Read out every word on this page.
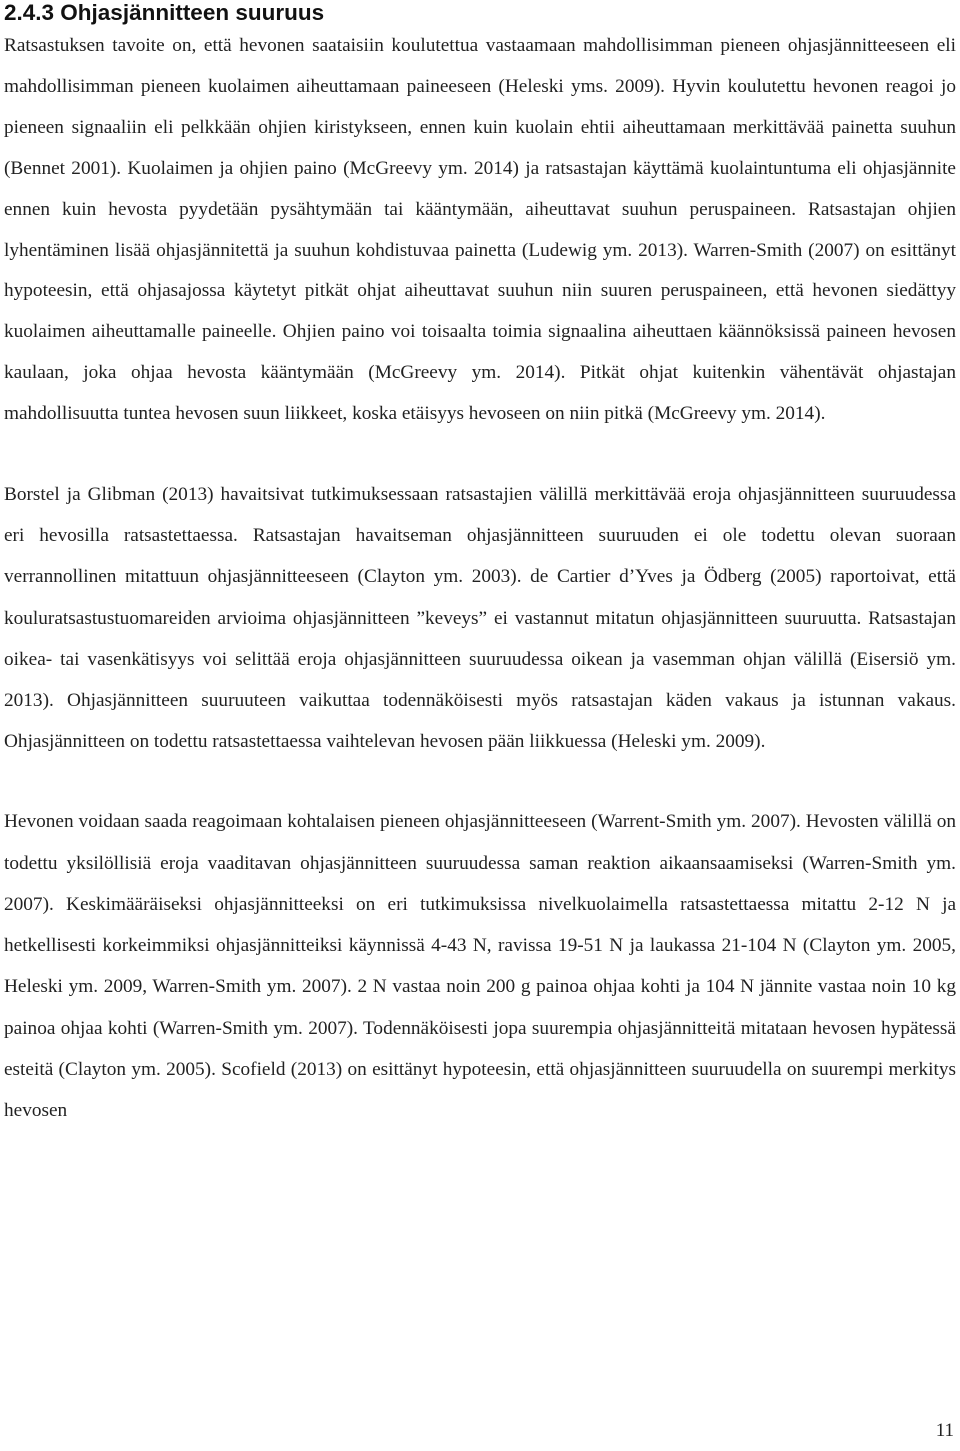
2.4.3 Ohjasjännitteen suuruus

Ratsastuksen tavoite on, että hevonen saataisiin koulutettua vastaamaan mahdollisimman pieneen ohjasjännitteeseen eli mahdollisimman pieneen kuolaimen aiheuttamaan paineeseen (Heleski yms. 2009). Hyvin koulutettu hevonen reagoi jo pieneen signaaliin eli pelkkään ohjien kiristykseen, ennen kuin kuolain ehtii aiheuttamaan merkittävää painetta suuhun (Bennet 2001). Kuolaimen ja ohjien paino (McGreevy ym. 2014) ja ratsastajan käyttämä kuolaintuntuma eli ohjasjännite ennen kuin hevosta pyydetään pysähtymään tai kääntymään, aiheuttavat suuhun peruspaineen. Ratsastajan ohjien lyhentäminen lisää ohjasjännitettä ja suuhun kohdistuvaa painetta (Ludewig ym. 2013). Warren-Smith (2007) on esittänyt hypoteesin, että ohjasajossa käytetyt pitkät ohjat aiheuttavat suuhun niin suuren peruspaineen, että hevonen siedättyy kuolaimen aiheuttamalle paineelle. Ohjien paino voi toisaalta toimia signaalina aiheuttaen käännöksissä paineen hevosen kaulaan, joka ohjaa hevosta kääntymään (McGreevy ym. 2014). Pitkät ohjat kuitenkin vähentävät ohjastajan mahdollisuutta tuntea hevosen suun liikkeet, koska etäisyys hevoseen on niin pitkä (McGreevy ym. 2014).

Borstel ja Glibman (2013) havaitsivat tutkimuksessaan ratsastajien välillä merkittävää eroja ohjasjännitteen suuruudessa eri hevosilla ratsastettaessa. Ratsastajan havaitseman ohjasjännitteen suuruuden ei ole todettu olevan suoraan verrannollinen mitattuun ohjasjännitteeseen (Clayton ym. 2003). de Cartier d’Yves ja Ödberg (2005) raportoivat, että kouluratsastustuomareiden arvioima ohjasjännitteen ”keveys” ei vastannut mitatun ohjasjännitteen suuruutta. Ratsastajan oikea- tai vasenkätisyys voi selittää eroja ohjasjännitteen suuruudessa oikean ja vasemman ohjan välillä (Eisersiö ym. 2013). Ohjasjännitteen suuruuteen vaikuttaa todennäköisesti myös ratsastajan käden vakaus ja istunnan vakaus. Ohjasjännitteen on todettu ratsastettaessa vaihtelevan hevosen pään liikkuessa (Heleski ym. 2009).

Hevonen voidaan saada reagoimaan kohtalaisen pieneen ohjasjännitteeseen (Warrent-Smith ym. 2007). Hevosten välillä on todettu yksilöllisiä eroja vaaditavan ohjasjännitteen suuruudessa saman reaktion aikaansaamiseksi (Warren-Smith ym. 2007). Keskimääräiseksi ohjasjännitteeksi on eri tutkimuksissa nivelkuolaimella ratsastettaessa mitattu 2-12 N ja hetkellisesti korkeimmiksi ohjasjännitteiksi käynnissä 4-43 N, ravissa 19-51 N ja laukassa 21-104 N (Clayton ym. 2005, Heleski ym. 2009, Warren-Smith ym. 2007). 2 N vastaa noin 200 g painoa ohjaa kohti ja 104 N jännite vastaa noin 10 kg painoa ohjaa kohti (Warren-Smith ym. 2007). Todennäköisesti jopa suurempia ohjasjännitteitä mitataan hevosen hypätessä esteitä (Clayton ym. 2005). Scofield (2013) on esittänyt hypoteesin, että ohjasjännitteen suuruudella on suurempi merkitys hevosen

11
